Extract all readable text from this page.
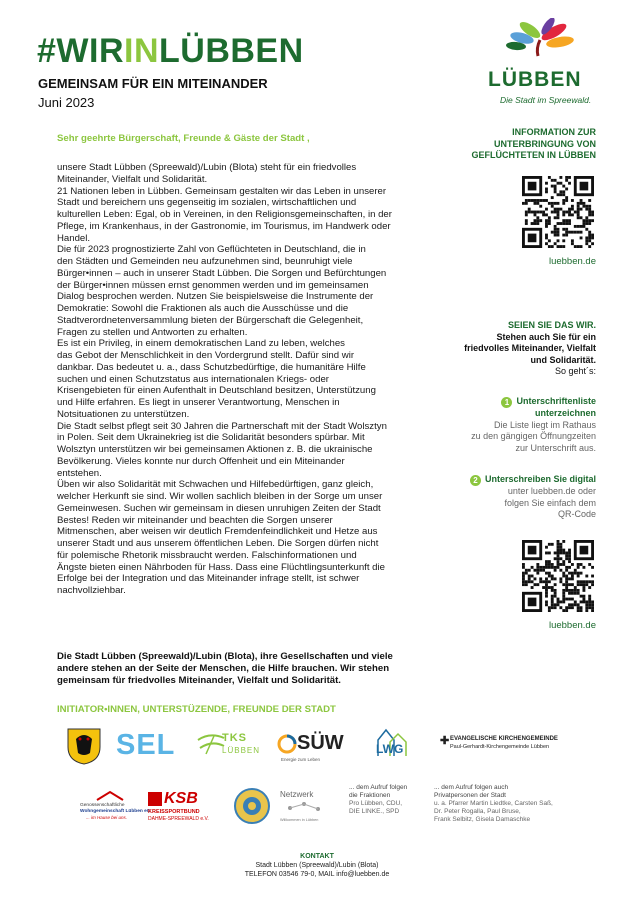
#WIRINLÜBBEN
GEMEINSAM FÜR EIN MITEINANDER
Juni 2023
LÜBBEN
Die Stadt im Spreewald.
Sehr geehrte Bürgerschaft, Freunde & Gäste der Stadt ,

unsere Stadt Lübben (Spreewald)/Lubin (Blota) steht für ein friedvolles

Miteinander, Vielfalt und Solidarität.

21 Nationen leben in Lübben. Gemeinsam gestalten wir das Leben in unserer

Stadt und bereichern uns gegenseitig im sozialen, wirtschaftlichen und

kulturellen Leben: Egal, ob in Vereinen, in den Religionsgemeinschaften, in der

Pflege, im Krankenhaus, in der Gastronomie, im Tourismus, im Handwerk oder

Handel.

Die für 2023 prognostizierte Zahl von Geflüchteten in Deutschland, die in

den Städten und Gemeinden neu aufzunehmen sind, beunruhigt viele

Bürger•innen – auch in unserer Stadt Lübben. Die Sorgen und Befürchtungen

der Bürger•innen müssen ernst genommen werden und im gemeinsamen

Dialog besprochen werden. Nutzen Sie beispielsweise die Instrumente der

Demokratie: Sowohl die Fraktionen als auch die Ausschüsse und die

Stadtverordnetenversammlung bieten der Bürgerschaft die Gelegenheit,

Fragen zu stellen und Antworten zu erhalten.

Es ist ein Privileg, in einem demokratischen Land zu leben, welches

das Gebot der Menschlichkeit in den Vordergrund stellt. Dafür sind wir

dankbar. Das bedeutet u. a., dass Schutzbedürftige, die humanitäre Hilfe

suchen und einen Schutzstatus aus internationalen Kriegs- oder

Krisengebieten für einen Aufenthalt in Deutschland besitzen, Unterstützung

und Hilfe erfahren. Es liegt in unserer Verantwortung, Menschen in

Notsituationen zu unterstützen.

Die Stadt selbst pflegt seit 30 Jahren die Partnerschaft mit der Stadt Wolsztyn

in Polen. Seit dem Ukrainekrieg ist die Solidarität besonders spürbar. Mit

Wolsztyn unterstützen wir bei gemeinsamen Aktionen z. B. die ukrainische

Bevölkerung. Vieles konnte nur durch Offenheit und ein Miteinander

entstehen.

Üben wir also Solidarität mit Schwachen und Hilfebedürftigen, ganz gleich,

welcher Herkunft sie sind. Wir wollen sachlich bleiben in der Sorge um unser

Gemeinwesen. Suchen wir gemeinsam in diesen unruhigen Zeiten der Stadt

Bestes! Reden wir miteinander und beachten die Sorgen unserer

Mitmenschen, aber weisen wir deutlich Fremdenfeindlichkeit und Hetze aus

unserer Stadt und aus unserem öffentlichen Leben. Die Sorgen dürfen nicht

für polemische Rhetorik missbraucht werden. Falschinformationen und

Ängste bieten einen Nährboden für Hass. Dass eine Flüchtlingsunterkunft die

Erfolge bei der Integration und das Miteinander infrage stellt, ist schwer

nachvollziehbar.

Die Stadt Lübben (Spreewald)/Lubin (Blota), ihre Gesellschaften und viele
andere stehen an der Seite der Menschen, die Hilfe brauchen. Wir stehen
gemeinsam für friedvolles Miteinander, Vielfalt und Solidarität.
INITIATOR•INNEN, UNTERSTÜZENDE, FREUNDE DER STADT
INFORMATION ZUR
UNTERBRINGUNG VON
GEFLÜCHTETEN IN LÜBBEN
luebben.de
SEIEN SIE DAS WIR.
Stehen auch Sie für ein
friedvolles Miteinander, Vielfalt
und Solidarität.
So geht´s:
1 Unterschriftenliste
unterzeichnen
Die Liste liegt im Rathaus
zu den gängigen Öffnungzeiten
zur Unterschrift aus.
2 Unterschreiben Sie digital
unter luebben.de oder
folgen Sie einfach dem
QR-Code
luebben.de
SEL	TKS
LÜBBEN SÜW
Energie zum Leben
LWG
✚ EVANGELISCHE KIRCHENGEMEINDE
Paul-Gerhardt-Kirchengemeinde Lübben
Genossenschaftliche
Wohngemeinschaft Lübben eG
... im Hause bei uns.
KSB
KREISSPORTBUND
DAHME-SPREEWALD e.V.
Netzwerk
Willkommen in Lübben
... dem Aufruf folgen
die Fraktionen
Pro Lübben, CDU,
DIE LINKE., SPD
... dem Aufruf folgen auch
Privatpersonen der Stadt
u. a. Pfarrer Martin Liedtke, Carsten Saß,
Dr. Peter Rogalla, Paul Bruse,
Frank Selbitz, Gisela Damaschke
KONTAKT
Stadt Lübben (Spreewald)/Lubin (Blota)
TELEFON 03546 79-0, MAIL info@luebben.de
